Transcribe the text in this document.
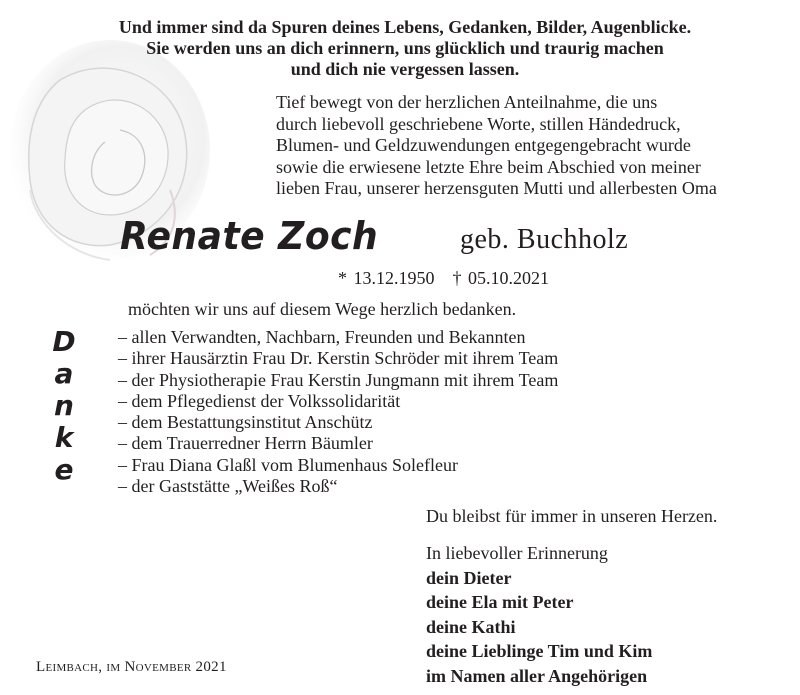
Und immer sind da Spuren deines Lebens, Gedanken, Bilder, Augenblicke.
Sie werden uns an dich erinnern, uns glücklich und traurig machen
und dich nie vergessen lassen.
Tief bewegt von der herzlichen Anteilnahme, die uns
durch liebevoll geschriebene Worte, stillen Händedruck,
Blumen- und Geldzuwendungen entgegengebracht wurde
sowie die erwiesene letzte Ehre beim Abschied von meiner
lieben Frau, unserer herzensguten Mutti und allerbesten Oma
Renate Zoch	geb. Buchholz
* 13.12.1950 † 05.10.2021
möchten wir uns auf diesem Wege herzlich bedanken.
D
a
n
k
e
– allen Verwandten, Nachbarn, Freunden und Bekannten
– ihrer Hausärztin Frau Dr. Kerstin Schröder mit ihrem Team
– der Physiotherapie Frau Kerstin Jungmann mit ihrem Team
– dem Pflegedienst der Volkssolidarität
– dem Bestattungsinstitut Anschütz
– dem Trauerredner Herrn Bäumler
– Frau Diana Glaßl vom Blumenhaus Solefleur
– der Gaststätte „Weißes Roß“
Du bleibst für immer in unseren Herzen.
In liebevoller Erinnerung
dein Dieter
deine Ela mit Peter
deine Kathi
deine Lieblinge Tim und Kim
im Namen aller Angehörigen
Leimbach, im November 2021
